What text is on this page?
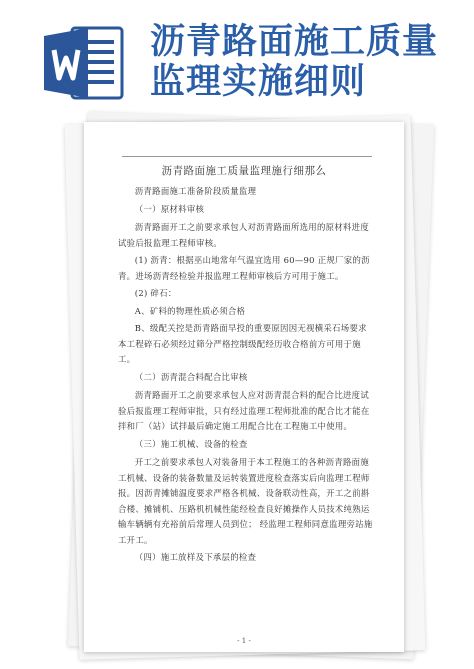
沥青路面施工质量
监理实施细则
沥青路面施工质量监理施行细那么

沥青路面施工准备阶段质量监理

（一）原材料审核

沥青路面开工之前要求承包人对沥青路面所选用的原材料进度试验后报监理工程师审核。

(1) 沥青：根据巫山地常年气温宜选用 60—90 正规厂家的沥青。进场沥青经检验并报监理工程师审核后方可用于施工。

(2) 碎石：

A、矿料的物理性质必须合格

B、级配关控是沥青路面早投的重要原因因无视横采石场要求本工程碎石必须经过筛分严格控制级配经历收合格前方可用于施工。

（二）沥青混合料配合比审核

沥青路面开工之前要求承包人应对沥青混合料的配合比进度试验后报监理工程师审批，只有经过监理工程师批准的配合比才能在拌和厂（站）试拌最后确定施工用配合比在工程施工中使用。

（三）施工机械、设备的检查

开工之前要求承包人对装备用于本工程施工的各种沥青路面施工机械、设备的装备数量及运转装置进度检查落实后向监理工程师报。因沥青摊铺温度要求严格各机械、设备联动性高，开工之前斟合楼、摊铺机、压路机机械性能经检查良好摊操作人员技术纯熟运输车辆辆有充裕前后常理人员到位； 经监理工程师同意监理旁站施工开工。

（四）施工放样及下承层的检查

- 1 -
